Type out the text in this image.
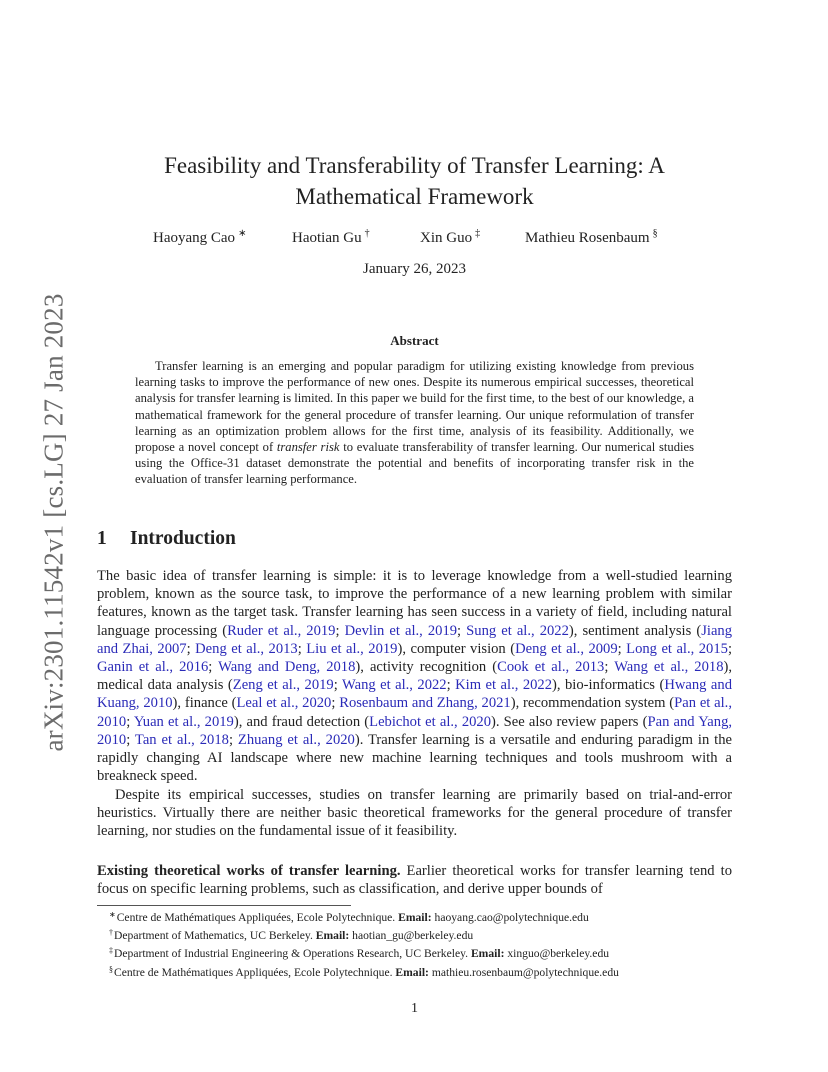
arXiv:2301.11542v1 [cs.LG] 27 Jan 2023
Feasibility and Transferability of Transfer Learning: A
Mathematical Framework
Haoyang Cao ∗	Haotian Gu †	Xin Guo ‡	Mathieu Rosenbaum §
January 26, 2023
Abstract

Transfer learning is an emerging and popular paradigm for utilizing existing knowledge from previous learning tasks to improve the performance of new ones. Despite its numerous empirical successes, theoretical analysis for transfer learning is limited. In this paper we build for the first time, to the best of our knowledge, a mathematical framework for the general procedure of transfer learning. Our unique reformulation of transfer learning as an optimization problem allows for the first time, analysis of its feasibility. Additionally, we propose a novel concept of transfer risk to evaluate transferability of transfer learning. Our numerical studies using the Office-31 dataset demonstrate the potential and benefits of incorporating transfer risk in the evaluation of transfer learning performance.

1 Introduction

The basic idea of transfer learning is simple: it is to leverage knowledge from a well-studied learning problem, known as the source task, to improve the performance of a new learning problem with similar features, known as the target task. Transfer learning has seen success in a variety of field, including natural language processing (Ruder et al., 2019; Devlin et al., 2019; Sung et al., 2022), sentiment analysis (Jiang and Zhai, 2007; Deng et al., 2013; Liu et al., 2019), computer vision (Deng et al., 2009; Long et al., 2015; Ganin et al., 2016; Wang and Deng, 2018), activity recognition (Cook et al., 2013; Wang et al., 2018), medical data analysis (Zeng et al., 2019; Wang et al., 2022; Kim et al., 2022), bio-informatics (Hwang and Kuang, 2010), finance (Leal et al., 2020; Rosenbaum and Zhang, 2021), recommendation system (Pan et al., 2010; Yuan et al., 2019), and fraud detection (Lebichot et al., 2020). See also review papers (Pan and Yang, 2010; Tan et al., 2018; Zhuang et al., 2020). Transfer learning is a versatile and enduring paradigm in the rapidly changing AI landscape where new machine learning techniques and tools mushroom with a breakneck speed.

Despite its empirical successes, studies on transfer learning are primarily based on trial-and-error heuristics. Virtually there are neither basic theoretical frameworks for the general procedure of transfer learning, nor studies on the fundamental issue of it feasibility.

Existing theoretical works of transfer learning. Earlier theoretical works for transfer learning tend to focus on specific learning problems, such as classification, and derive upper bounds of

∗Centre de Mathématiques Appliquées, Ecole Polytechnique. Email: haoyang.cao@polytechnique.edu
†Department of Mathematics, UC Berkeley. Email: haotian_gu@berkeley.edu
‡Department of Industrial Engineering & Operations Research, UC Berkeley. Email: xinguo@berkeley.edu
§Centre de Mathématiques Appliquées, Ecole Polytechnique. Email: mathieu.rosenbaum@polytechnique.edu
1
